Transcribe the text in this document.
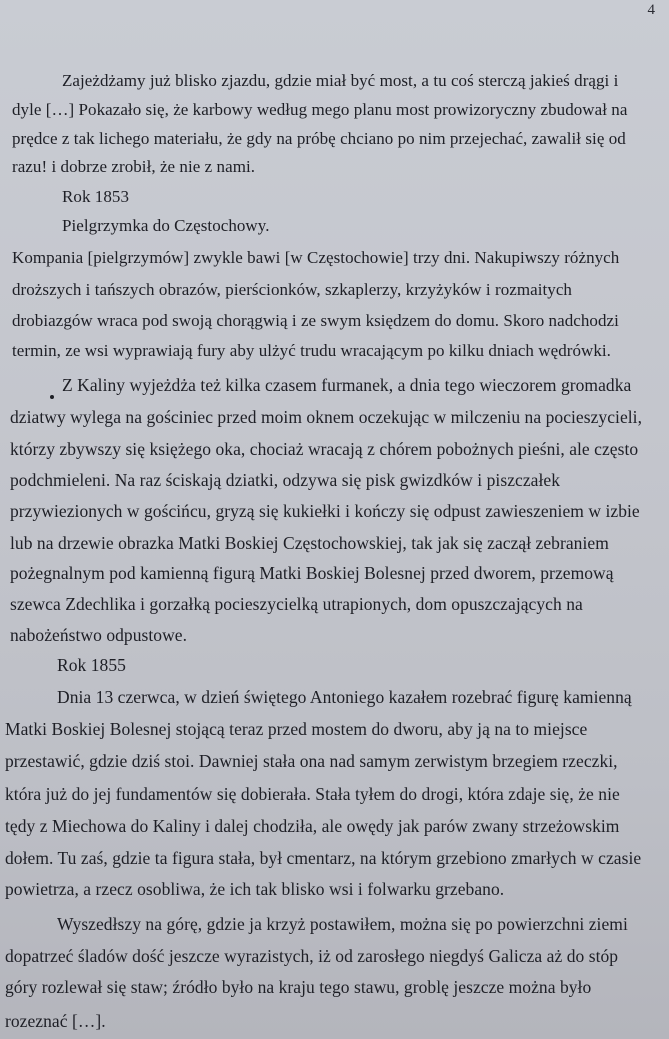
4
Zajeżdżamy już blisko zjazdu, gdzie miał być most, a tu coś sterczą jakieś drągi i
dyle […] Pokazało się, że karbowy według mego planu most prowizoryczny zbudował na
prędce z tak lichego materiału, że gdy na próbę chciano po nim przejechać, zawalił się od
razu! i dobrze zrobił, że nie z nami.
Rok 1853
Pielgrzymka do Częstochowy.
Kompania [pielgrzymów] zwykle bawi [w Częstochowie] trzy dni. Nakupiwszy różnych
droższych i tańszych obrazów, pierścionków, szkaplerzy, krzyżyków i rozmaitych
drobiazgów wraca pod swoją chorągwią i ze swym księdzem do domu. Skoro nadchodzi
termin, ze wsi wyprawiają fury aby ulżyć trudu wracającym po kilku dniach wędrówki.
Z Kaliny wyjeżdża też kilka czasem furmanek, a dnia tego wieczorem gromadka
dziatwy wylega na gościniec przed moim oknem oczekując w milczeniu na pocieszycieli,
którzy zbywszy się księżego oka, chociaż wracają z chórem pobożnych pieśni, ale często
podchmieleni. Na raz ściskają dziatki, odzywa się pisk gwizdków i piszczałek
przywiezionych w gościńcu, gryzą się kukiełki i kończy się odpust zawieszeniem w izbie
lub na drzewie obrazka Matki Boskiej Częstochowskiej, tak jak się zaczął zebraniem
pożegnalnym pod kamienną figurą Matki Boskiej Bolesnej przed dworem, przemową
szewca Zdechlika i gorzałką pocieszycielką utrapionych, dom opuszczających na
nabożeństwo odpustowe.
Rok 1855
Dnia 13 czerwca, w dzień świętego Antoniego kazałem rozebrać figurę kamienną
Matki Boskiej Bolesnej stojącą teraz przed mostem do dworu, aby ją na to miejsce
przestawić, gdzie dziś stoi. Dawniej stała ona nad samym zerwistym brzegiem rzeczki,
która już do jej fundamentów się dobierała. Stała tyłem do drogi, która zdaje się, że nie
tędy z Miechowa do Kaliny i dalej chodziła, ale owędy jak parów zwany strzeżowskim
dołem. Tu zaś, gdzie ta figura stała, był cmentarz, na którym grzebiono zmarłych w czasie
powietrza, a rzecz osobliwa, że ich tak blisko wsi i folwarku grzebano.
Wyszedłszy na górę, gdzie ja krzyż postawiłem, można się po powierzchni ziemi
dopatrzeć śladów dość jeszcze wyrazistych, iż od zarosłego niegdyś Galicza aż do stóp
góry rozlewał się staw; źródło było na kraju tego stawu, groblę jeszcze można było
rozeznać […].
